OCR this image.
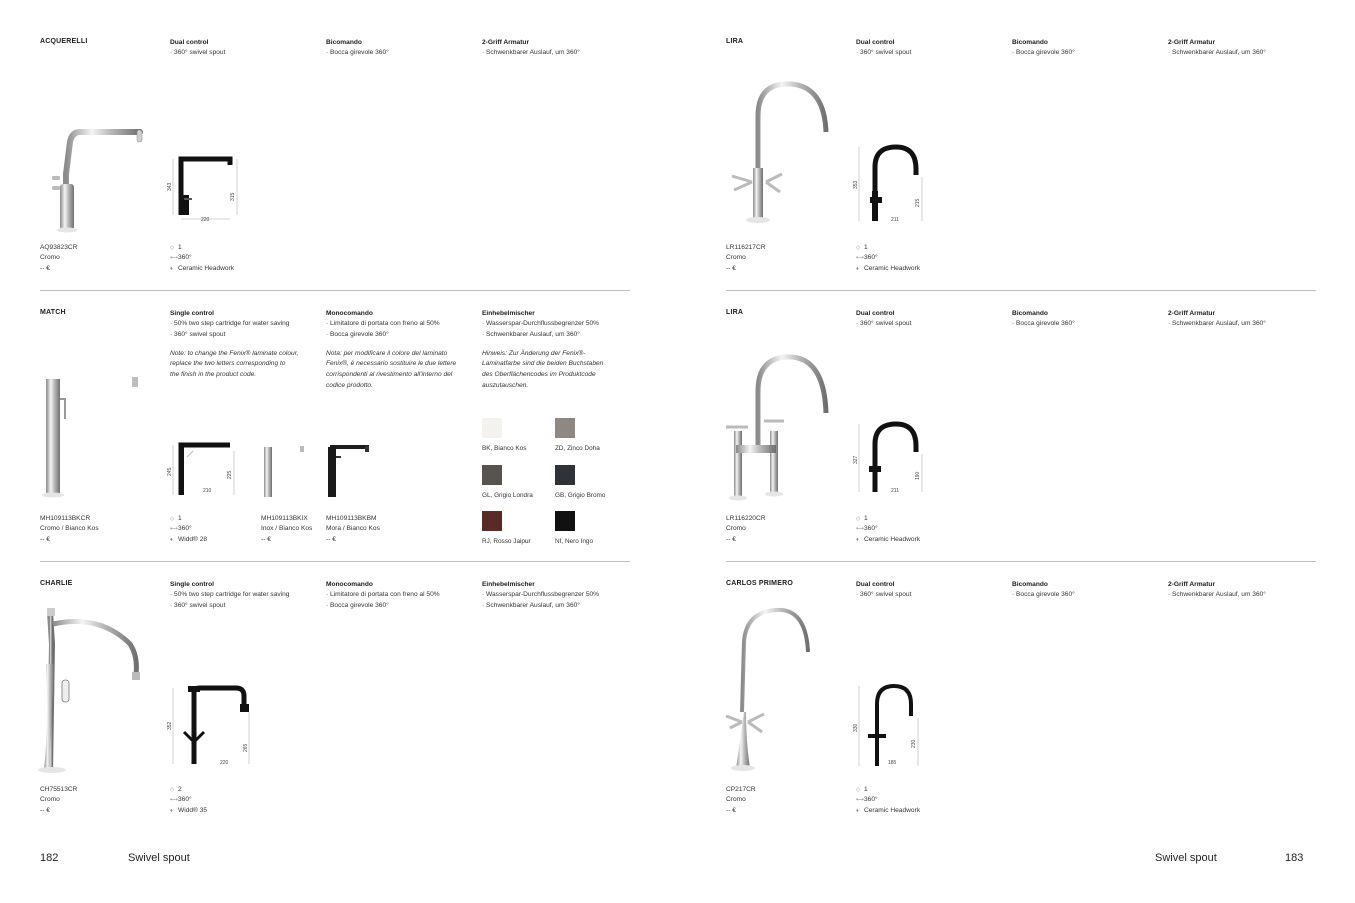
ACQUERELLI	Dual control
· 360° swivel spout
Bicomando
· Bocca girevole 360°
2-Griff Armatur
· Schwenkbarer Auslauf, um 360°
343
315
220
AQ93823CR
Cromo
-- €
◇ 1
⟷360°
♦ Ceramic Headwork
MATCH	Single control
· 50% two step cartridge for water saving
· 360° swivel spout
Note: to change the Fenix® laminate colour,
replace the two letters corresponding to
the finish in the product code.
Monocomando
· Limitatore di portata con freno al 50%
· Bocca girevole 360°
Nota: per modificare il colore del laminato
Fenix®, è necessario sostituire le due lettere
corrispondenti al rivestimento all'interno del
codice prodotto.
Einhebelmischer
· Wasserspar-Durchflussbegrenzer 50%
· Schwenkbarer Auslauf, um 360°
Hinweis: Zur Änderung der Fenix®-
Laminatfarbe sind die beiden Buchstaben
des Oberflächencodes im Produktcode
auszutauschen.
245	225
210
BK, Bianco Kos	ZD, Zinco Doha
GL, Grigio Londra	GB, Grigio Bromo
RJ, Rosso Jaipur	NI, Nero Ingo
MH109113BKCR
Cromo / Bianco Kos
-- €
◇ 1
⟷360°
♦ Widd® 28
MH109113BKIX
Inox / Bianco Kos
-- €
MH109113BKBM
Mora / Bianco Kos
-- €
CHARLIE	Single control
· 50% two step cartridge for water saving
· 360° swivel spout
Monocomando
· Limitatore di portata con freno al 50%
· Bocca girevole 360°
Einhebelmischer
· Wasserspar-Durchflussbegrenzer 50%
· Schwenkbarer Auslauf, um 360°
352
265
220
CH75513CR
Cromo
-- €
◇ 2
⟷360°
♦ Widd® 35
182	Swivel spout
LIRA	Dual control
· 360° swivel spout
Bicomando
· Bocca girevole 360°
2-Griff Armatur
· Schwenkbarer Auslauf, um 360°
353
215
211
LR116217CR
Cromo
-- €
◇ 1
⟷360°
♦ Ceramic Headwork
LIRA	Dual control
· 360° swivel spout
Bicomando
· Bocca girevole 360°
2-Griff Armatur
· Schwenkbarer Auslauf, um 360°
327
190
211
LR116220CR
Cromo
-- €
◇ 1
⟷360°
♦ Ceramic Headwork
CARLOS PRIMERO	Dual control
· 360° swivel spout
Bicomando
· Bocca girevole 360°
2-Griff Armatur
· Schwenkbarer Auslauf, um 360°
330
230
185
CP217CR
Cromo
-- €
◇ 1
⟷360°
♦ Ceramic Headwork
Swivel spout	183
